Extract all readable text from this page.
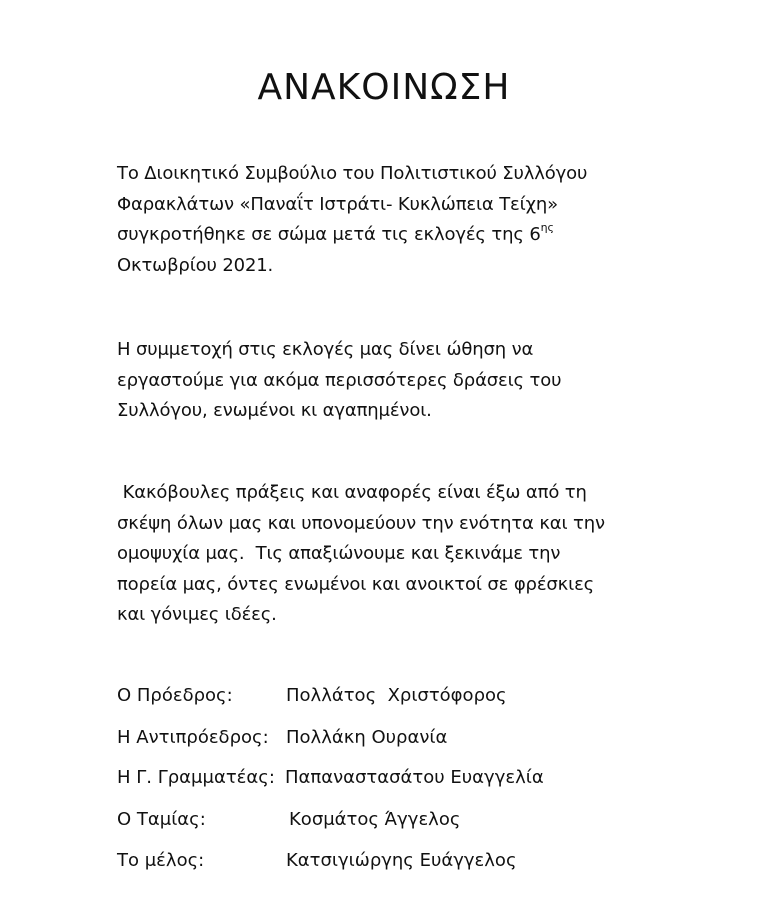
ΑΝΑΚΟΙΝΩΣΗ
Το Διοικητικό Συμβούλιο του Πολιτιστικού Συλλόγου
Φαρακλάτων «Παναΐτ Ιστράτι- Κυκλώπεια Τείχη»
συγκροτήθηκε σε σώμα μετά τις εκλογές της $6^{\eta\varsigma}$
Οκτωβρίου 2021.
Η συμμετοχή στις εκλογές μας δίνει ώθηση να
εργαστούμε για ακόμα περισσότερες δράσεις του
Συλλόγου, ενωμένοι κι αγαπημένοι.
Κακόβουλες πράξεις και αναφορές είναι έξω από τη
σκέψη όλων μας και υπονομεύουν την ενότητα και την
ομοψυχία μας.  Τις απαξιώνουμε και ξεκινάμε την
πορεία μας, όντες ενωμένοι και ανοικτοί σε φρέσκιες
και γόνιμες ιδέες.
Ο Πρόεδρος:	Πολλάτος  Χριστόφορος
Η Αντιπρόεδρος: Πολλάκη Ουρανία
Η Γ. Γραμματέας: Παπαναστασάτου Ευαγγελία
Ο Ταμίας:	Κοσμάτος Άγγελος
Το μέλος:	Κατσιγιώργης Ευάγγελος
